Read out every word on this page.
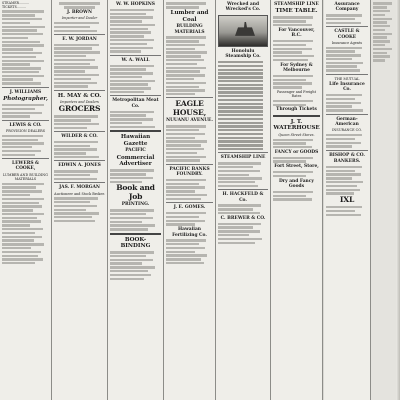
STEAMER..........

TICKETS.........

J. WILLIAMS

Photographer,

LEWIS & CO.

PROVISION DEALERS

LEWERS & COOKE,

LUMBER AND BUILDING MATERIALS

J. BROWN

Importer and Dealer

E. W. JORDAN

H. MAY & CO.

Importers and Dealers

GROCERS

WILDER & CO.

EDWIN A. JONES

JAS. F. MORGAN

Auctioneer and Stock Broker.

W. W. HOPKINS

W. A. WALL

Metropolitan Meat Co.

Hawaiian Gazette

PACIFIC

Commercial Advertiser

Book and Job

PRINTING.

BOOK-BINDING

Lumber and Coal

BUILDING MATERIALS

EAGLE HOUSE,

NUUANU AVENUE.

PACIFIC BANKS FOUNDRY.

J. E. GOMES.

Hawaiian Fertilizing Co.

Wrecked and Wrecked's Co.

Honolulu Steamship Co.

STEAMSHIP LINE

H. HACKFELD & Co.

C. BREWER & CO.

STEAMSHIP LINE

TIME TABLE.

For Vancouver, B.C.

For Sydney & Melbourne

Passenger and Freight Rates

Through Tickets

J. T. WATERHOUSE

Queen Street Stores.

FANCY or GOODS

Fort Street, Store,

Dry and Fancy Goods

Assurance Company

CASTLE & COOKE

Insurance Agents

THE MUTUAL

Life Insurance Co.

German-American

INSURANCE CO.

BISHOP & CO.

BANKERS.

IXL
